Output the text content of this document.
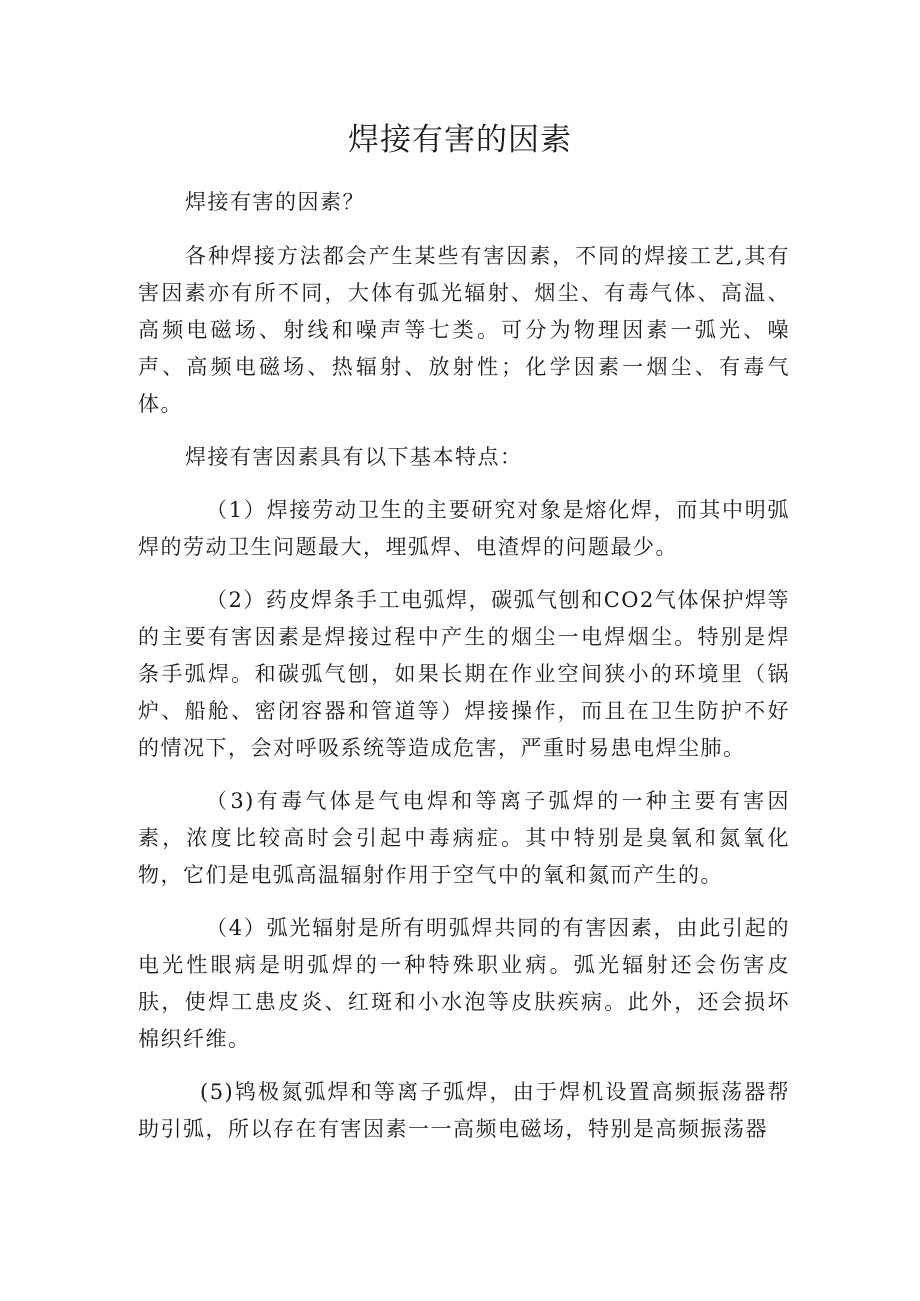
焊接有害的因素

焊接有害的因素？

各种焊接方法都会产生某些有害因素，不同的焊接工艺,其有害因素亦有所不同，大体有弧光辐射、烟尘、有毒气体、高温、高频电磁场、射线和噪声等七类。可分为物理因素一弧光、噪声、高频电磁场、热辐射、放射性；化学因素一烟尘、有毒气体。

焊接有害因素具有以下基本特点：

（1）焊接劳动卫生的主要研究对象是熔化焊，而其中明弧焊的劳动卫生问题最大，埋弧焊、电渣焊的问题最少。

（2）药皮焊条手工电弧焊，碳弧气刨和CO2气体保护焊等的主要有害因素是焊接过程中产生的烟尘一电焊烟尘。特别是焊条手弧焊。和碳弧气刨，如果长期在作业空间狭小的环境里（锅炉、船舱、密闭容器和管道等）焊接操作，而且在卫生防护不好的情况下，会对呼吸系统等造成危害，严重时易患电焊尘肺。

（3)有毒气体是气电焊和等离子弧焊的一种主要有害因素，浓度比较高时会引起中毒病症。其中特别是臭氧和氮氧化物，它们是电弧高温辐射作用于空气中的氧和氮而产生的。

（4）弧光辐射是所有明弧焊共同的有害因素，由此引起的电光性眼病是明弧焊的一种特殊职业病。弧光辐射还会伤害皮肤，使焊工患皮炎、红斑和小水泡等皮肤疾病。此外，还会损坏棉织纤维。

(5)鸨极氮弧焊和等离子弧焊，由于焊机设置高频振荡器帮助引弧，所以存在有害因素一一高频电磁场，特别是高频振荡器
